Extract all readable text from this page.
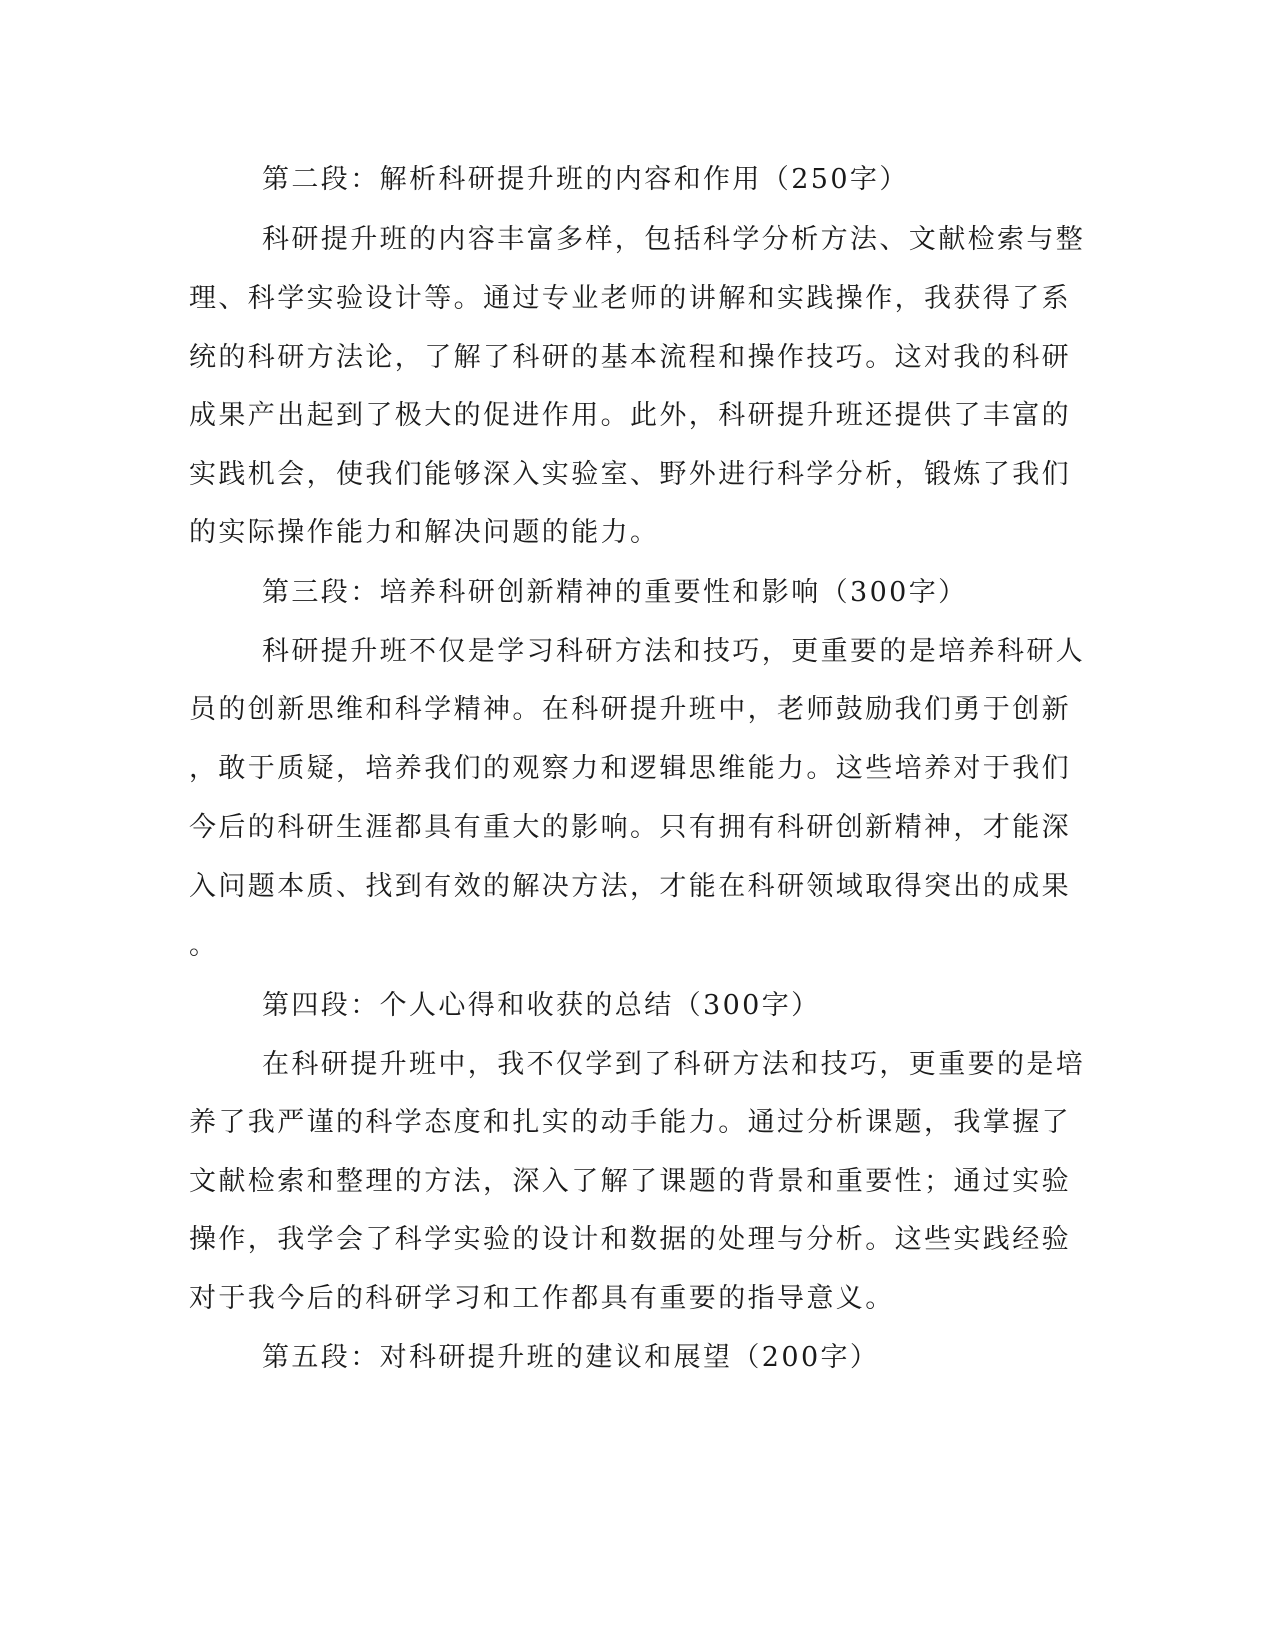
第二段：解析科研提升班的内容和作用（250字）
科研提升班的内容丰富多样，包括科学分析方法、文献检索与整
理、科学实验设计等。通过专业老师的讲解和实践操作，我获得了系
统的科研方法论，了解了科研的基本流程和操作技巧。这对我的科研
成果产出起到了极大的促进作用。此外，科研提升班还提供了丰富的
实践机会，使我们能够深入实验室、野外进行科学分析，锻炼了我们
的实际操作能力和解决问题的能力。
第三段：培养科研创新精神的重要性和影响（300字）
科研提升班不仅是学习科研方法和技巧，更重要的是培养科研人
员的创新思维和科学精神。在科研提升班中，老师鼓励我们勇于创新
，敢于质疑，培养我们的观察力和逻辑思维能力。这些培养对于我们
今后的科研生涯都具有重大的影响。只有拥有科研创新精神，才能深
入问题本质、找到有效的解决方法，才能在科研领域取得突出的成果
。
第四段：个人心得和收获的总结（300字）
在科研提升班中，我不仅学到了科研方法和技巧，更重要的是培
养了我严谨的科学态度和扎实的动手能力。通过分析课题，我掌握了
文献检索和整理的方法，深入了解了课题的背景和重要性；通过实验
操作，我学会了科学实验的设计和数据的处理与分析。这些实践经验
对于我今后的科研学习和工作都具有重要的指导意义。
第五段：对科研提升班的建议和展望（200字）
